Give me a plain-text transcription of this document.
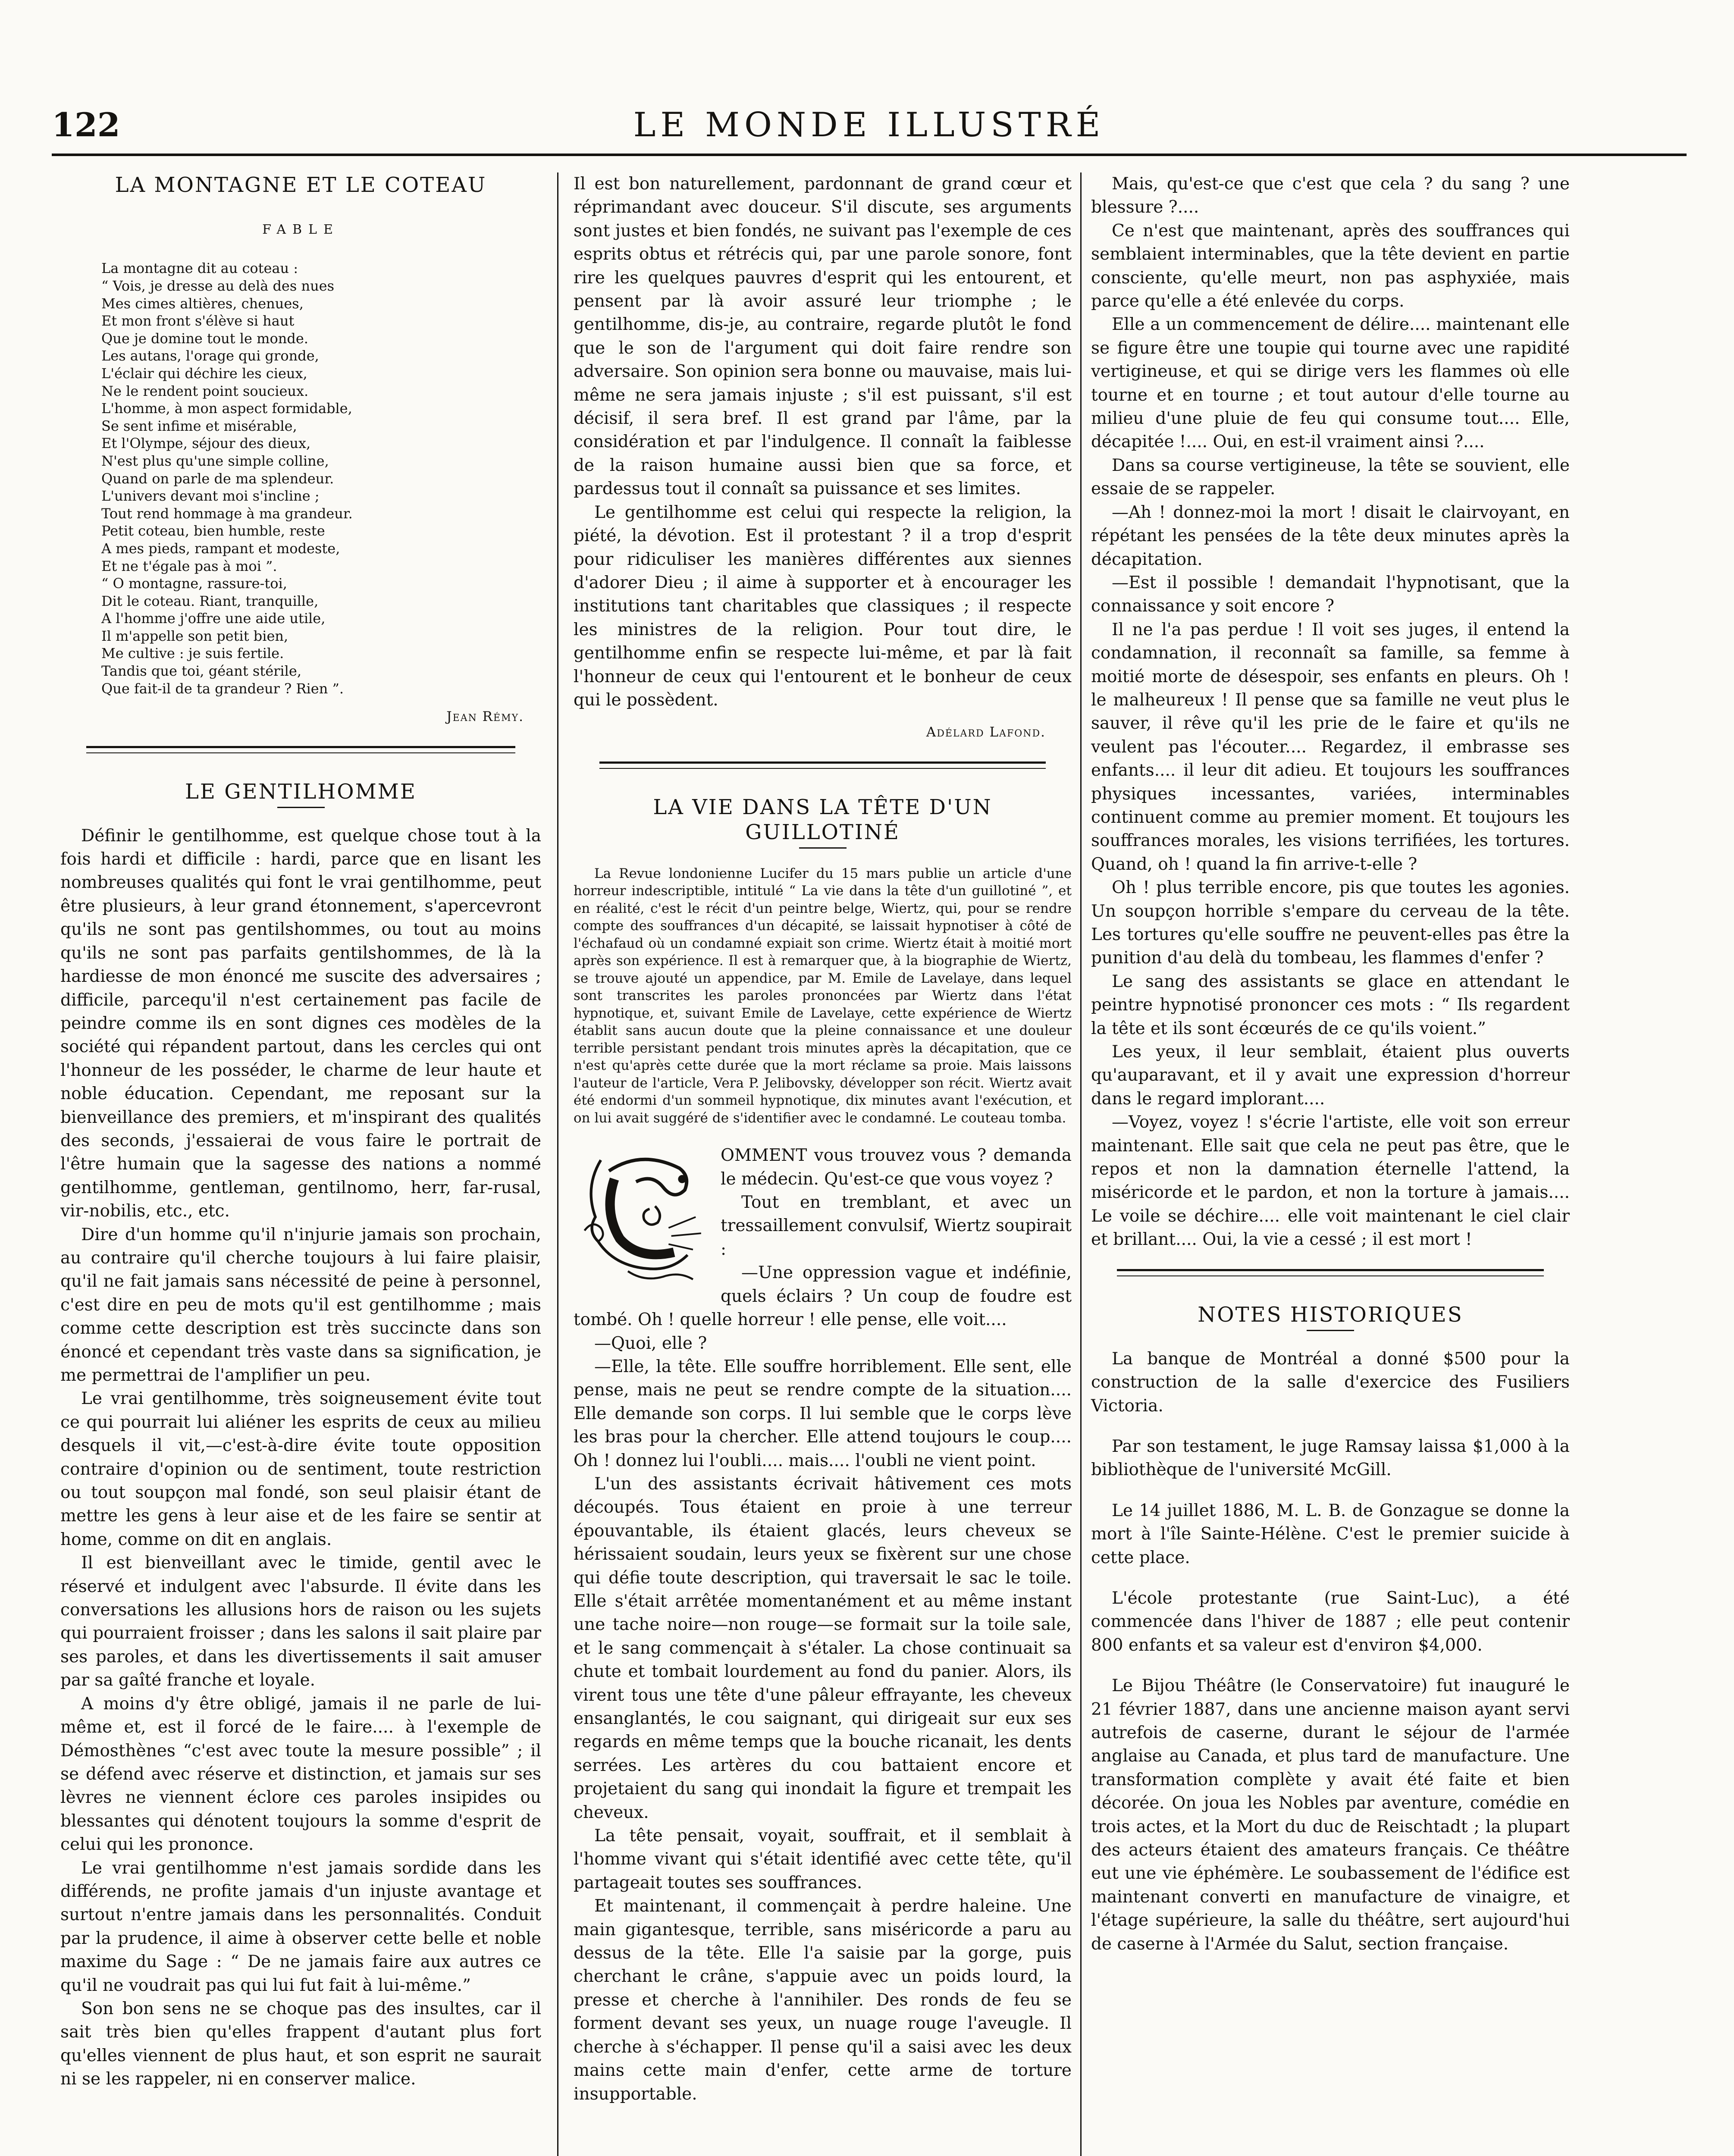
122	LE MONDE ILLUSTRÉ
LA MONTAGNE ET LE COTEAU
FABLE
La montagne dit au coteau :
“ Vois, je dresse au delà des nues
Mes cimes altières, chenues,
Et mon front s'élève si haut
Que je domine tout le monde.
Les autans, l'orage qui gronde,
L'éclair qui déchire les cieux,
Ne le rendent point soucieux.
L'homme, à mon aspect formidable,
Se sent infime et misérable,
Et l'Olympe, séjour des dieux,
N'est plus qu'une simple colline,
Quand on parle de ma splendeur.
L'univers devant moi s'incline ;
Tout rend hommage à ma grandeur.
Petit coteau, bien humble, reste
A mes pieds, rampant et modeste,
Et ne t'égale pas à moi ”.
“ O montagne, rassure-toi,
Dit le coteau. Riant, tranquille,
A l'homme j'offre une aide utile,
Il m'appelle son petit bien,
Me cultive : je suis fertile.
Tandis que toi, géant stérile,
Que fait-il de ta grandeur ? Rien ”.
Jean Rémy.
LE GENTILHOMME

Définir le gentilhomme, est quelque chose tout à la fois hardi et difficile : hardi, parce que en lisant les nombreuses qualités qui font le vrai gentilhomme, peut être plusieurs, à leur grand étonnement, s'apercevront qu'ils ne sont pas gentilshommes, ou tout au moins qu'ils ne sont pas parfaits gentilshommes, de là la hardiesse de mon énoncé me suscite des adversaires ; difficile, parcequ'il n'est certainement pas facile de peindre comme ils en sont dignes ces modèles de la société qui répandent partout, dans les cercles qui ont l'honneur de les posséder, le charme de leur haute et noble éducation. Cependant, me reposant sur la bienveillance des premiers, et m'inspirant des qualités des seconds, j'essaierai de vous faire le portrait de l'être humain que la sagesse des nations a nommé gentilhomme, gentleman, gentilnomo, herr, far-rusal, vir-nobilis, etc., etc.

Dire d'un homme qu'il n'injurie jamais son prochain, au contraire qu'il cherche toujours à lui faire plaisir, qu'il ne fait jamais sans nécessité de peine à personnel, c'est dire en peu de mots qu'il est gentilhomme ; mais comme cette description est très succincte dans son énoncé et cependant très vaste dans sa signification, je me permettrai de l'amplifier un peu.

Le vrai gentilhomme, très soigneusement évite tout ce qui pourrait lui aliéner les esprits de ceux au milieu desquels il vit,—c'est-à-dire évite toute opposition contraire d'opinion ou de sentiment, toute restriction ou tout soupçon mal fondé, son seul plaisir étant de mettre les gens à leur aise et de les faire se sentir at home, comme on dit en anglais.

Il est bienveillant avec le timide, gentil avec le réservé et indulgent avec l'absurde. Il évite dans les conversations les allusions hors de raison ou les sujets qui pourraient froisser ; dans les salons il sait plaire par ses paroles, et dans les divertissements il sait amuser par sa gaîté franche et loyale.

A moins d'y être obligé, jamais il ne parle de lui-même et, est il forcé de le faire.... à l'exemple de Démosthènes “c'est avec toute la mesure possible” ; il se défend avec réserve et distinction, et jamais sur ses lèvres ne viennent éclore ces paroles insipides ou blessantes qui dénotent toujours la somme d'esprit de celui qui les prononce.

Le vrai gentilhomme n'est jamais sordide dans les différends, ne profite jamais d'un injuste avantage et surtout n'entre jamais dans les personnalités. Conduit par la prudence, il aime à observer cette belle et noble maxime du Sage : “ De ne jamais faire aux autres ce qu'il ne voudrait pas qui lui fut fait à lui-même.”

Son bon sens ne se choque pas des insultes, car il sait très bien qu'elles frappent d'autant plus fort qu'elles viennent de plus haut, et son esprit ne saurait ni se les rappeler, ni en conserver malice.

Il est bon naturellement, pardonnant de grand cœur et réprimandant avec douceur. S'il discute, ses arguments sont justes et bien fondés, ne suivant pas l'exemple de ces esprits obtus et rétrécis qui, par une parole sonore, font rire les quelques pauvres d'esprit qui les entourent, et pensent par là avoir assuré leur triomphe ; le gentilhomme, dis-je, au contraire, regarde plutôt le fond que le son de l'argument qui doit faire rendre son adversaire. Son opinion sera bonne ou mauvaise, mais lui-même ne sera jamais injuste ; s'il est puissant, s'il est décisif, il sera bref. Il est grand par l'âme, par la considération et par l'indulgence. Il connaît la faiblesse de la raison humaine aussi bien que sa force, et pardessus tout il connaît sa puissance et ses limites.

Le gentilhomme est celui qui respecte la religion, la piété, la dévotion. Est il protestant ? il a trop d'esprit pour ridiculiser les manières différentes aux siennes d'adorer Dieu ; il aime à supporter et à encourager les institutions tant charitables que classiques ; il respecte les ministres de la religion. Pour tout dire, le gentilhomme enfin se respecte lui-même, et par là fait l'honneur de ceux qui l'entourent et le bonheur de ceux qui le possèdent.

Adélard Lafond.
LA VIE DANS LA TÊTE D'UN GUILLOTINÉ

La Revue londonienne Lucifer du 15 mars publie un article d'une horreur indescriptible, intitulé “ La vie dans la tête d'un guillotiné ”, et en réalité, c'est le récit d'un peintre belge, Wiertz, qui, pour se rendre compte des souffrances d'un décapité, se laissait hypnotiser à côté de l'échafaud où un condamné expiait son crime. Wiertz était à moitié mort après son expérience. Il est à remarquer que, à la biographie de Wiertz, se trouve ajouté un appendice, par M. Emile de Lavelaye, dans lequel sont transcrites les paroles prononcées par Wiertz dans l'état hypnotique, et, suivant Emile de Lavelaye, cette expérience de Wiertz établit sans aucun doute que la pleine connaissance et une douleur terrible persistant pendant trois minutes après la décapitation, que ce n'est qu'après cette durée que la mort réclame sa proie. Mais laissons l'auteur de l'article, Vera P. Jelibovsky, développer son récit. Wiertz avait été endormi d'un sommeil hypnotique, dix minutes avant l'exécution, et on lui avait suggéré de s'identifier avec le condamné. Le couteau tomba.

OMMENT vous trouvez vous ? demanda le médecin. Qu'est-ce que vous voyez ?

Tout en tremblant, et avec un tressaillement convulsif, Wiertz soupirait :

—Une oppression vague et indéfinie, quels éclairs ? Un coup de foudre est tombé. Oh ! quelle horreur ! elle pense, elle voit....

—Quoi, elle ?

—Elle, la tête. Elle souffre horriblement. Elle sent, elle pense, mais ne peut se rendre compte de la situation.... Elle demande son corps. Il lui semble que le corps lève les bras pour la chercher. Elle attend toujours le coup.... Oh ! donnez lui l'oubli.... mais.... l'oubli ne vient point.

L'un des assistants écrivait hâtivement ces mots découpés. Tous étaient en proie à une terreur épouvantable, ils étaient glacés, leurs cheveux se hérissaient soudain, leurs yeux se fixèrent sur une chose qui défie toute description, qui traversait le sac le toile. Elle s'était arrêtée momentanément et au même instant une tache noire—non rouge—se formait sur la toile sale, et le sang commençait à s'étaler. La chose continuait sa chute et tombait lourdement au fond du panier. Alors, ils virent tous une tête d'une pâleur effrayante, les cheveux ensanglantés, le cou saignant, qui dirigeait sur eux ses regards en même temps que la bouche ricanait, les dents serrées. Les artères du cou battaient encore et projetaient du sang qui inondait la figure et trempait les cheveux.

La tête pensait, voyait, souffrait, et il semblait à l'homme vivant qui s'était identifié avec cette tête, qu'il partageait toutes ses souffrances.

Et maintenant, il commençait à perdre haleine. Une main gigantesque, terrible, sans miséricorde a paru au dessus de la tête. Elle l'a saisie par la gorge, puis cherchant le crâne, s'appuie avec un poids lourd, la presse et cherche à l'annihiler. Des ronds de feu se forment devant ses yeux, un nuage rouge l'aveugle. Il cherche à s'échapper. Il pense qu'il a saisi avec les deux mains cette main d'enfer, cette arme de torture insupportable.

Mais, qu'est-ce que c'est que cela ? du sang ? une blessure ?....

Ce n'est que maintenant, après des souffrances qui semblaient interminables, que la tête devient en partie consciente, qu'elle meurt, non pas asphyxiée, mais parce qu'elle a été enlevée du corps.

Elle a un commencement de délire.... maintenant elle se figure être une toupie qui tourne avec une rapidité vertigineuse, et qui se dirige vers les flammes où elle tourne et en tourne ; et tout autour d'elle tourne au milieu d'une pluie de feu qui consume tout.... Elle, décapitée !.... Oui, en est-il vraiment ainsi ?....

Dans sa course vertigineuse, la tête se souvient, elle essaie de se rappeler.

—Ah ! donnez-moi la mort ! disait le clairvoyant, en répétant les pensées de la tête deux minutes après la décapitation.

—Est il possible ! demandait l'hypnotisant, que la connaissance y soit encore ?

Il ne l'a pas perdue ! Il voit ses juges, il entend la condamnation, il reconnaît sa famille, sa femme à moitié morte de désespoir, ses enfants en pleurs. Oh ! le malheureux ! Il pense que sa famille ne veut plus le sauver, il rêve qu'il les prie de le faire et qu'ils ne veulent pas l'écouter.... Regardez, il embrasse ses enfants.... il leur dit adieu. Et toujours les souffrances physiques incessantes, variées, interminables continuent comme au premier moment. Et toujours les souffrances morales, les visions terrifiées, les tortures. Quand, oh ! quand la fin arrive-t-elle ?

Oh ! plus terrible encore, pis que toutes les agonies. Un soupçon horrible s'empare du cerveau de la tête. Les tortures qu'elle souffre ne peuvent-elles pas être la punition d'au delà du tombeau, les flammes d'enfer ?

Le sang des assistants se glace en attendant le peintre hypnotisé prononcer ces mots : “ Ils regardent la tête et ils sont écœurés de ce qu'ils voient.”

Les yeux, il leur semblait, étaient plus ouverts qu'auparavant, et il y avait une expression d'horreur dans le regard implorant....

—Voyez, voyez ! s'écrie l'artiste, elle voit son erreur maintenant. Elle sait que cela ne peut pas être, que le repos et non la damnation éternelle l'attend, la miséricorde et le pardon, et non la torture à jamais.... Le voile se déchire.... elle voit maintenant le ciel clair et brillant.... Oui, la vie a cessé ; il est mort !

NOTES HISTORIQUES

La banque de Montréal a donné $500 pour la construction de la salle d'exercice des Fusiliers Victoria.

Par son testament, le juge Ramsay laissa $1,000 à la bibliothèque de l'université McGill.

Le 14 juillet 1886, M. L. B. de Gonzague se donne la mort à l'île Sainte-Hélène. C'est le premier suicide à cette place.

L'école protestante (rue Saint-Luc), a été commencée dans l'hiver de 1887 ; elle peut contenir 800 enfants et sa valeur est d'environ $4,000.

Le Bijou Théâtre (le Conservatoire) fut inauguré le 21 février 1887, dans une ancienne maison ayant servi autrefois de caserne, durant le séjour de l'armée anglaise au Canada, et plus tard de manufacture. Une transformation complète y avait été faite et bien décorée. On joua les Nobles par aventure, comédie en trois actes, et la Mort du duc de Reischtadt ; la plupart des acteurs étaient des amateurs français. Ce théâtre eut une vie éphémère. Le soubassement de l'édifice est maintenant converti en manufacture de vinaigre, et l'étage supérieure, la salle du théâtre, sert aujourd'hui de caserne à l'Armée du Salut, section française.
